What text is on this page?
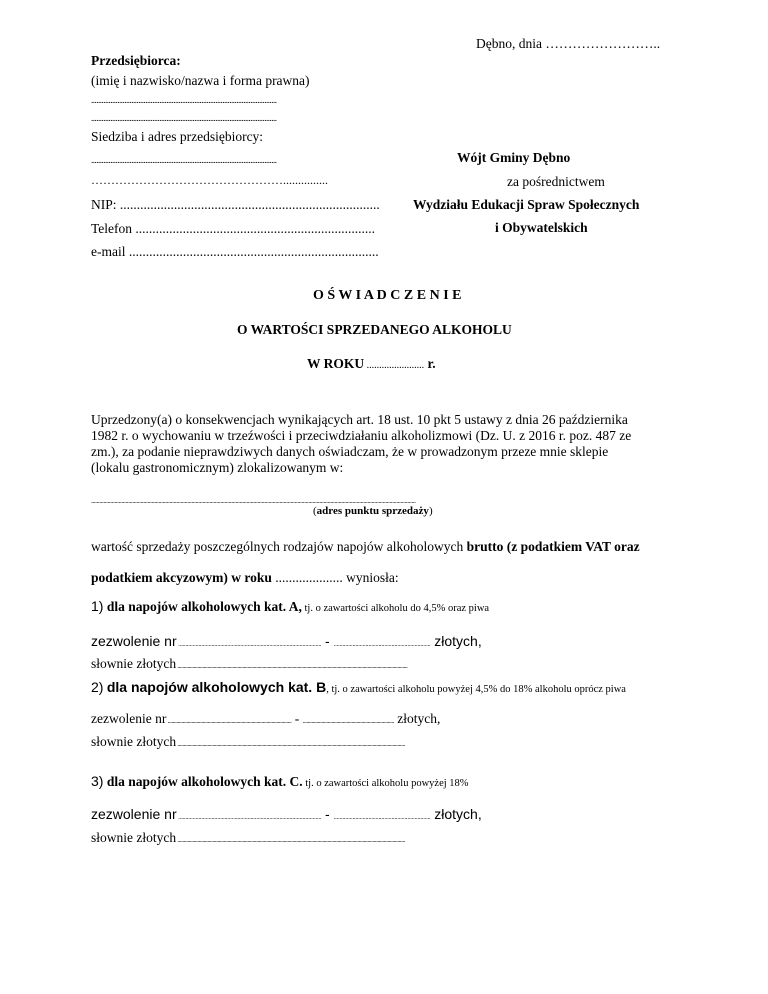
Dębno, dnia ……………………..
Przedsiębiorca:
(imię i nazwisko/nazwa i forma prawna)
..........................................................................................................
..........................................................................................................
Siedziba i adres przedsiębiorcy:
..........................................................................................................
…………………………………………...............
NIP: .............................................................................
Telefon .......................................................................
e-mail ..........................................................................
Wójt Gminy Dębno
za pośrednictwem
Wydziału Edukacji Spraw Społecznych
i Obywatelskich
O Ś W I A D C Z E N I E
O WARTOŚCI SPRZEDANEGO ALKOHOLU
W ROKU ....................... r.
Uprzedzony(a) o konsekwencjach wynikających art. 18 ust. 10 pkt 5 ustawy z dnia 26 października
1982 r. o wychowaniu w trzeźwości i przeciwdziałaniu alkoholizmowi (Dz. U. z 2016 r. poz. 487 ze
zm.), za podanie nieprawdziwych danych oświadczam, że w prowadzonym przeze mnie sklepie
(lokalu gastronomicznym) zlokalizowanym w:
............................................................................................................................................................................................................................................
(adres punktu sprzedaży)
wartość sprzedaży poszczególnych rodzajów napojów alkoholowych brutto (z podatkiem VAT oraz
podatkiem akcyzowym) w roku .................... wyniosła:
1) dla napojów alkoholowych kat. A, tj. o zawartości alkoholu do 4,5% oraz piwa
zezwolenie nr ................................................................................................... - ................................................................... złotych,
słownie złotych ........................................................................................................................................................................................
2) dla napojów alkoholowych kat. B, tj. o zawartości alkoholu powyżej 4,5% do 18% alkoholu oprócz piwa
zezwolenie nr ................................................................................................... - ......................................................................... złotych,
słownie złotych ......................................................................................................................................................................................
3) dla napojów alkoholowych kat. C. tj. o zawartości alkoholu powyżej 18%
zezwolenie nr ................................................................................................... - ................................................................... złotych,
słownie złotych ......................................................................................................................................................................................
